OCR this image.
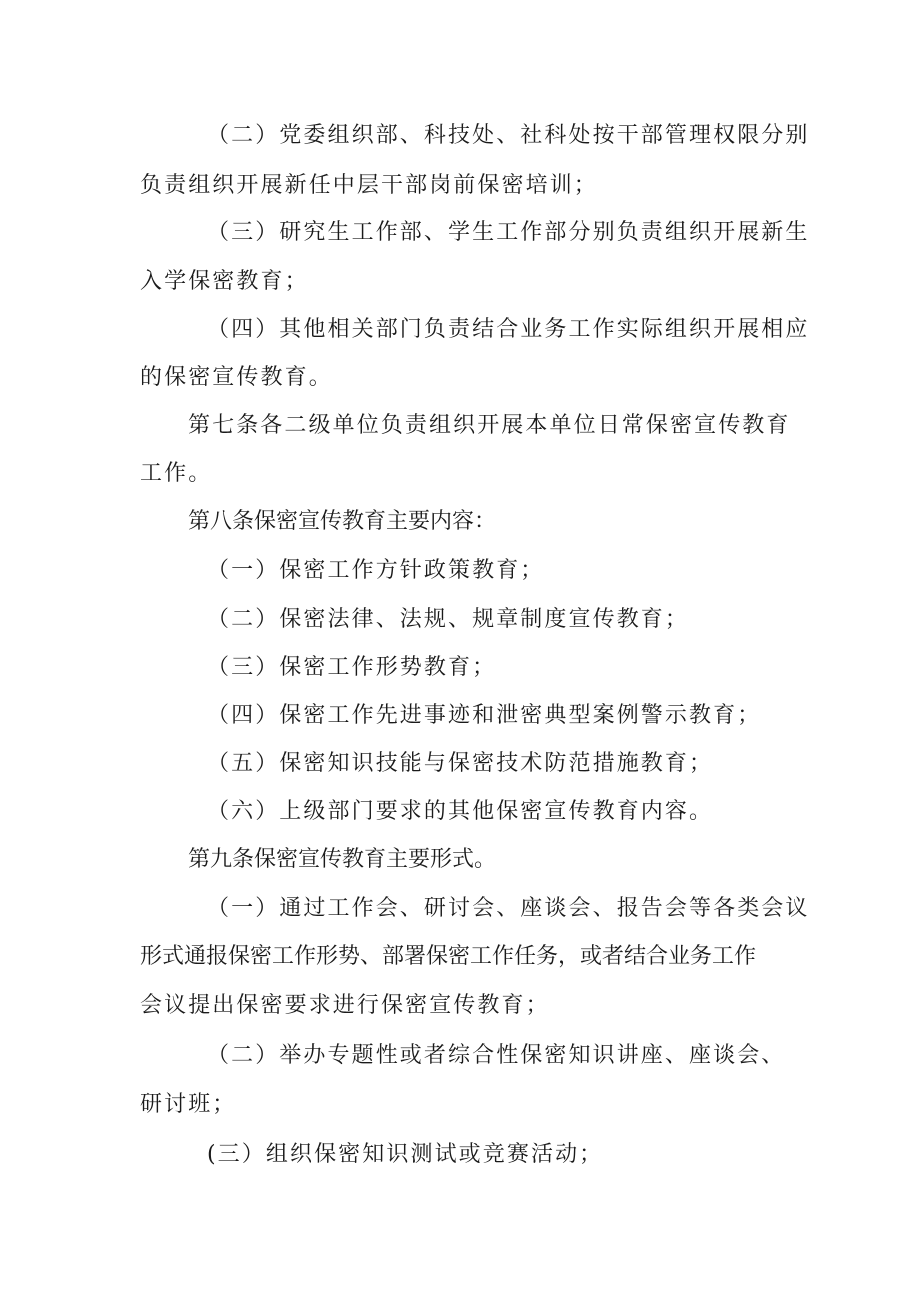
（二）党委组织部、科技处、社科处按干部管理权限分别
负责组织开展新任中层干部岗前保密培训；
（三）研究生工作部、学生工作部分别负责组织开展新生
入学保密教育；
（四）其他相关部门负责结合业务工作实际组织开展相应
的保密宣传教育。
第七条各二级单位负责组织开展本单位日常保密宣传教育
工作。
第八条保密宣传教育主要内容：
（一）保密工作方针政策教育；
（二）保密法律、法规、规章制度宣传教育；
（三）保密工作形势教育；
（四）保密工作先进事迹和泄密典型案例警示教育；
（五）保密知识技能与保密技术防范措施教育；
（六）上级部门要求的其他保密宣传教育内容。
第九条保密宣传教育主要形式。
（一）通过工作会、研讨会、座谈会、报告会等各类会议
形式通报保密工作形势、部署保密工作任务，或者结合业务工作
会议提出保密要求进行保密宣传教育；
（二）举办专题性或者综合性保密知识讲座、座谈会、
研讨班；
(三）组织保密知识测试或竞赛活动；
